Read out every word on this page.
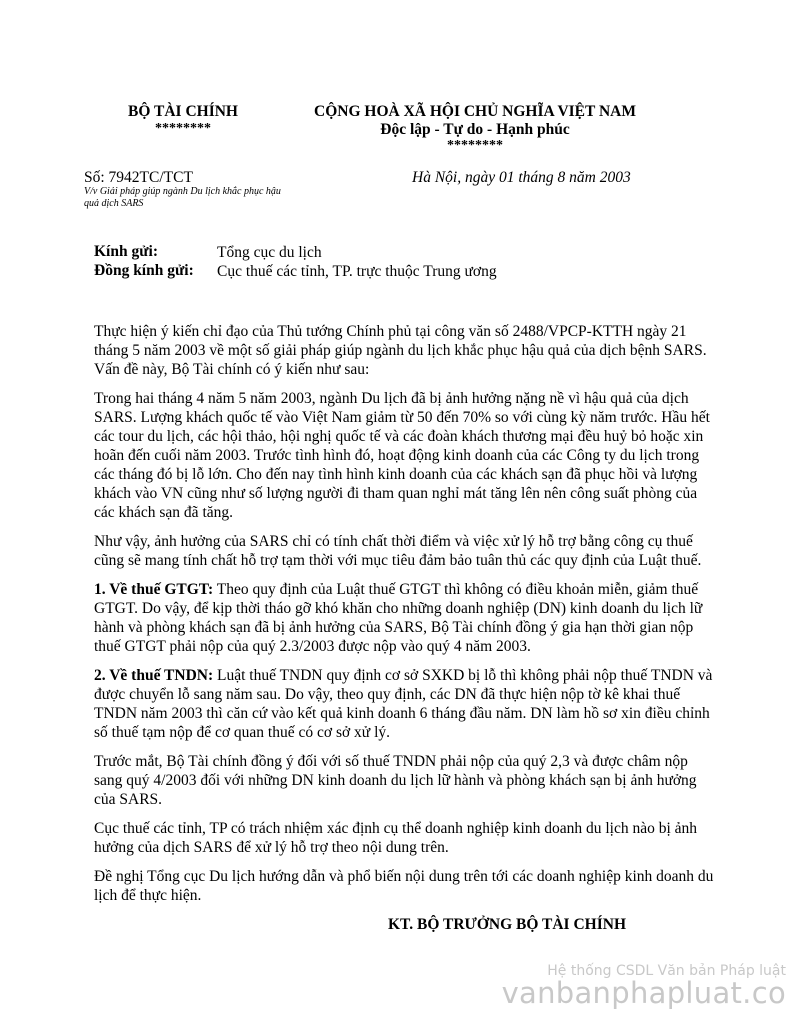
BỘ TÀI CHÍNH
********
CỘNG HOÀ XÃ HỘI CHỦ NGHĨA VIỆT NAM
Độc lập - Tự do - Hạnh phúc
********
Số: 7942TC/TCT
V/v Giải pháp giúp ngành Du lịch khắc phục hậu quả dịch SARS
Hà Nội, ngày 01 tháng 8 năm 2003
Kính gửi:	Tổng cục du lịch
Đồng kính gửi:	Cục thuế các tỉnh, TP. trực thuộc Trung ương

Thực hiện ý kiến chỉ đạo của Thủ tướng Chính phủ tại công văn số 2488/VPCP-KTTH ngày 21 tháng 5 năm 2003 về một số giải pháp giúp ngành du lịch khắc phục hậu quả của dịch bệnh SARS. Vấn đề này, Bộ Tài chính có ý kiến như sau:

Trong hai tháng 4 năm 5 năm 2003, ngành Du lịch đã bị ảnh hưởng nặng nề vì hậu quả của dịch SARS. Lượng khách quốc tế vào Việt Nam giảm từ 50 đến 70% so với cùng kỳ năm trước. Hầu hết các tour du lịch, các hội thảo, hội nghị quốc tế và các đoàn khách thương mại đều huỷ bỏ hoặc xin hoãn đến cuối năm 2003. Trước tình hình đó, hoạt động kinh doanh của các Công ty du lịch trong các tháng đó bị lỗ lớn. Cho đến nay tình hình kinh doanh của các khách sạn đã phục hồi và lượng khách vào VN cũng như số lượng người đi tham quan nghỉ mát tăng lên nên công suất phòng của các khách sạn đã tăng.

Như vậy, ảnh hưởng của SARS chỉ có tính chất thời điểm và việc xử lý hỗ trợ bằng công cụ thuế cũng sẽ mang tính chất hỗ trợ tạm thời với mục tiêu đảm bảo tuân thủ các quy định của Luật thuế.

1. Về thuế GTGT: Theo quy định của Luật thuế GTGT thì không có điều khoản miễn, giảm thuế GTGT. Do vậy, để kịp thời tháo gỡ khó khăn cho những doanh nghiệp (DN) kinh doanh du lịch lữ hành và phòng khách sạn đã bị ảnh hưởng của SARS, Bộ Tài chính đồng ý gia hạn thời gian nộp thuế GTGT phải nộp của quý 2.3/2003 được nộp vào quý 4 năm 2003.

2. Về thuế TNDN: Luật thuế TNDN quy định cơ sở SXKD bị lỗ thì không phải nộp thuế TNDN và được chuyển lỗ sang năm sau. Do vậy, theo quy định, các DN đã thực hiện nộp tờ kê khai thuế TNDN năm 2003 thì căn cứ vào kết quả kinh doanh 6 tháng đầu năm. DN làm hồ sơ xin điều chỉnh số thuế tạm nộp để cơ quan thuế có cơ sở xử lý.

Trước mắt, Bộ Tài chính đồng ý đối với số thuế TNDN phải nộp của quý 2,3 và được châm nộp sang quý 4/2003 đối với những DN kinh doanh du lịch lữ hành và phòng khách sạn bị ảnh hưởng của SARS.

Cục thuế các tỉnh, TP có trách nhiệm xác định cụ thể doanh nghiệp kinh doanh du lịch nào bị ảnh hưởng của dịch SARS để xử lý hỗ trợ theo nội dung trên.

Đề nghị Tổng cục Du lịch hướng dẫn và phổ biến nội dung trên tới các doanh nghiệp kinh doanh du lịch để thực hiện.

KT. BỘ TRƯỞNG BỘ TÀI CHÍNH
Hệ thống CSDL Văn bản Pháp luật
vanbanphapluat.co
